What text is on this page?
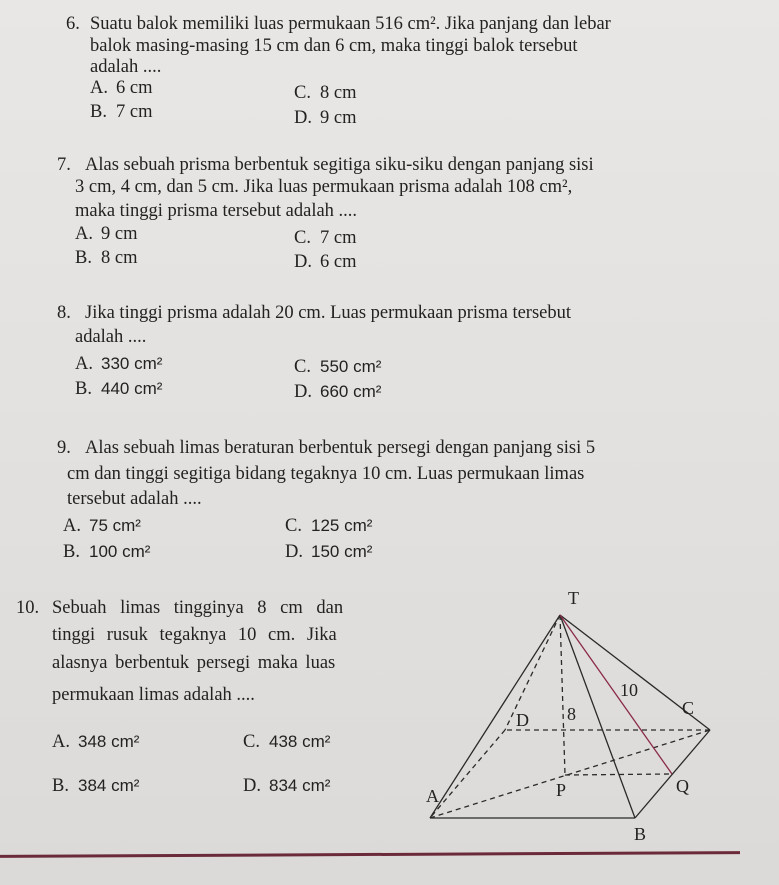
6. Suatu balok memiliki luas permukaan 516 cm². Jika panjang dan lebar
balok masing-masing 15 cm dan 6 cm, maka tinggi balok tersebut
adalah ....
A. 6 cm
B. 7 cm
C. 8 cm
D. 9 cm
7. Alas sebuah prisma berbentuk segitiga siku-siku dengan panjang sisi
3 cm, 4 cm, dan 5 cm. Jika luas permukaan prisma adalah 108 cm²,
maka tinggi prisma tersebut adalah ....
A. 9 cm
B. 8 cm
C. 7 cm
D. 6 cm
8. Jika tinggi prisma adalah 20 cm. Luas permukaan prisma tersebut
adalah ....
A. 330 cm²
B. 440 cm²
C. 550 cm²
D. 660 cm²
9. Alas sebuah limas beraturan berbentuk persegi dengan panjang sisi 5
cm dan tinggi segitiga bidang tegaknya 10 cm. Luas permukaan limas
tersebut adalah ....
A. 75 cm²
B. 100 cm²
C. 125 cm²
D. 150 cm²
10. Sebuah limas tingginya 8 cm dan
tinggi rusuk tegaknya 10 cm. Jika
alasnya berbentuk persegi maka luas
permukaan limas adalah ....
A. 348 cm²
B. 384 cm²
C. 438 cm²
D. 834 cm²
T
D
C
A
B
P	Q
8
10
